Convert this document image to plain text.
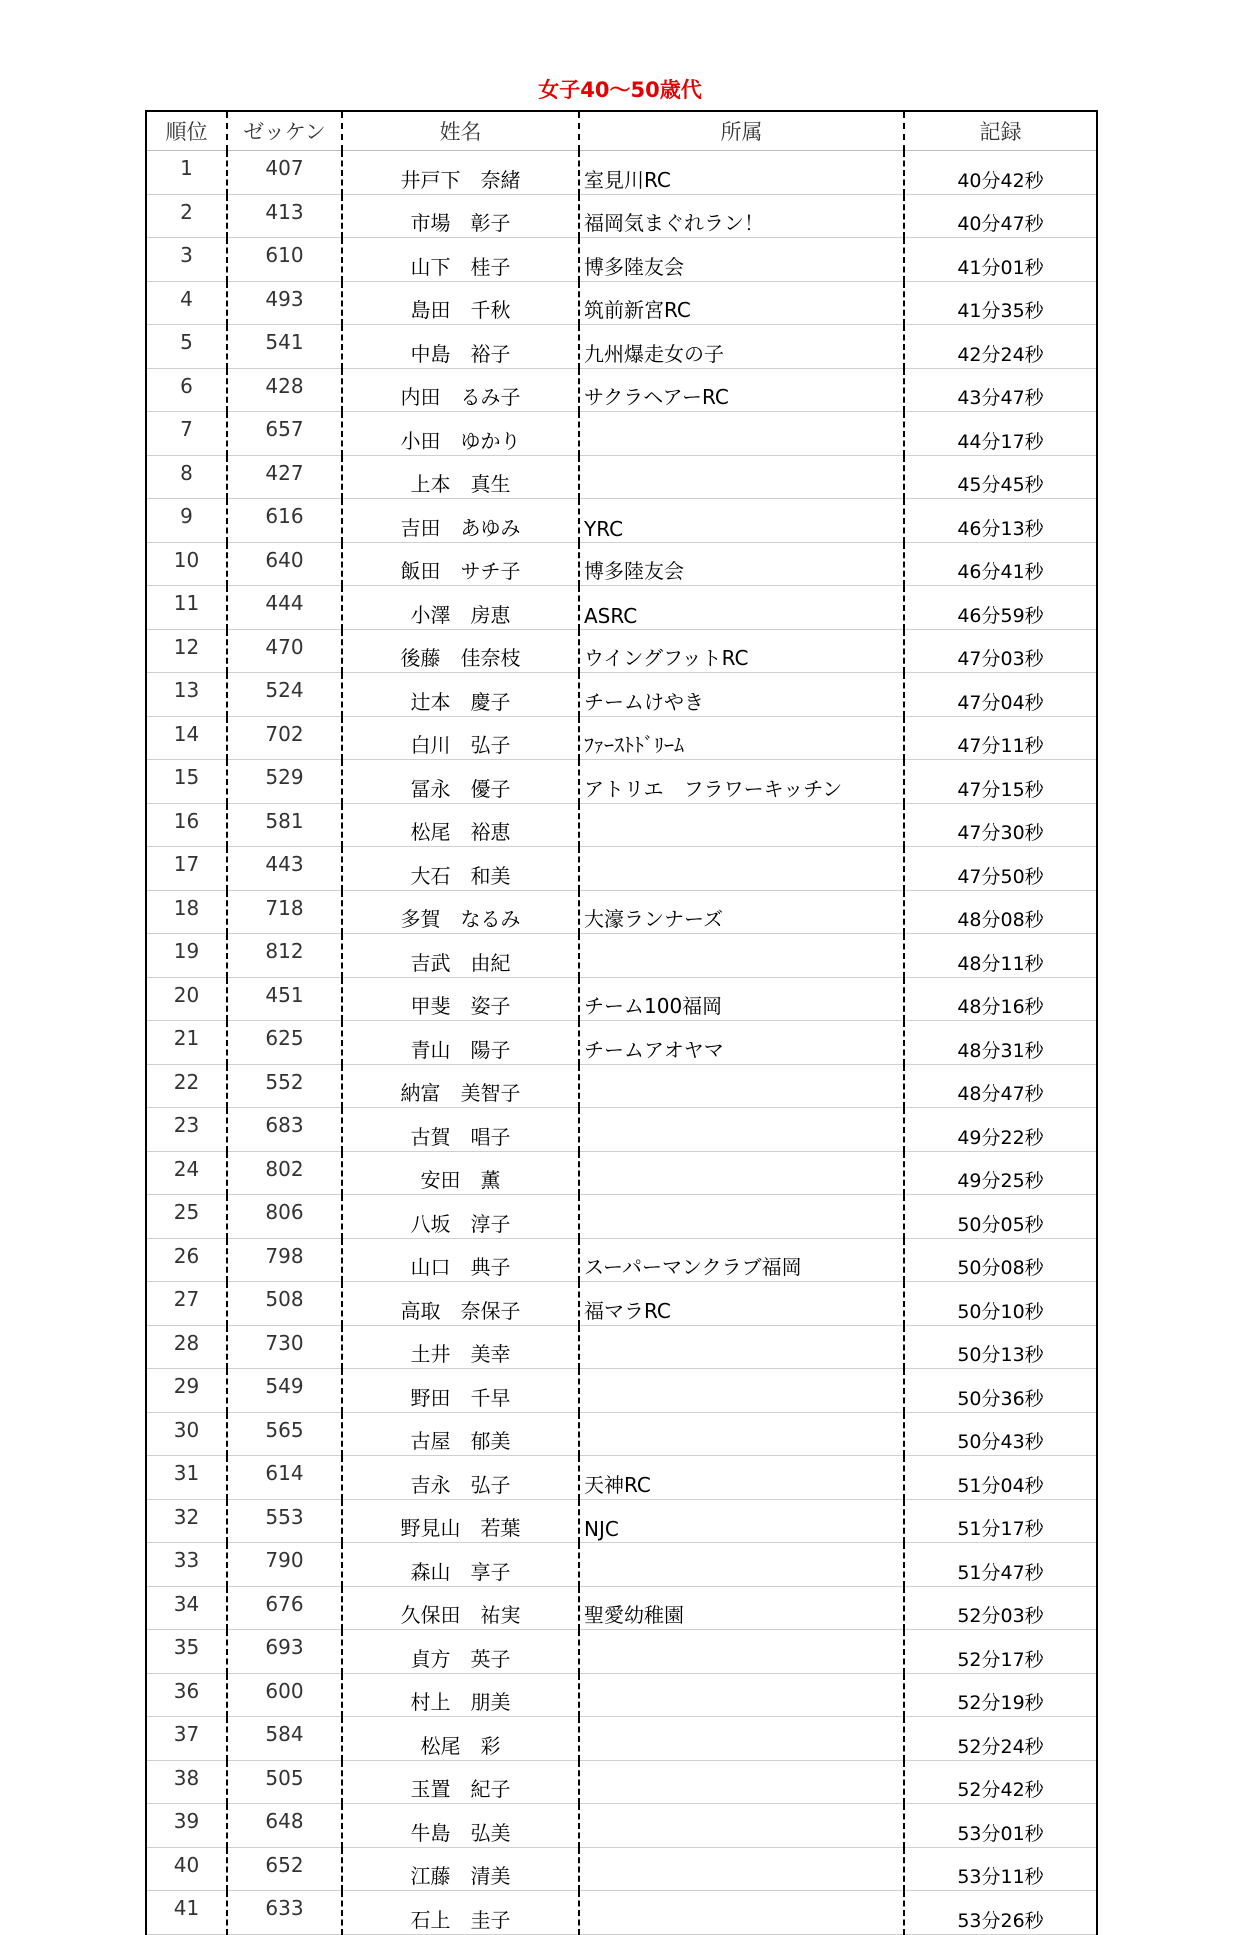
女子40〜50歳代
順位	ゼッケン	姓名	所属	記録
1	407	井戸下　奈緒	室見川RC	40分42秒
2	413	市場　彰子	福岡気まぐれラン！	40分47秒
3	610	山下　桂子	博多陸友会	41分01秒
4	493	島田　千秋	筑前新宮RC	41分35秒
5	541	中島　裕子	九州爆走女の子	42分24秒
6	428	内田　るみ子	サクラヘアーRC	43分47秒
7	657	小田　ゆかり		44分17秒
8	427	上本　真生		45分45秒
9	616	吉田　あゆみ	YRC	46分13秒
10	640	飯田　サチ子	博多陸友会	46分41秒
11	444	小澤　房恵	ASRC	46分59秒
12	470	後藤　佳奈枝	ウイングフットRC	47分03秒
13	524	辻本　慶子	チームけやき	47分04秒
14	702	白川　弘子	ﾌｧｰｽﾄﾄﾞﾘｰﾑ	47分11秒
15	529	冨永　優子	アトリエ　フラワーキッチン	47分15秒
16	581	松尾　裕恵		47分30秒
17	443	大石　和美		47分50秒
18	718	多賀　なるみ	大濠ランナーズ	48分08秒
19	812	吉武　由紀		48分11秒
20	451	甲斐　姿子	チーム100福岡	48分16秒
21	625	青山　陽子	チームアオヤマ	48分31秒
22	552	納富　美智子		48分47秒
23	683	古賀　唱子		49分22秒
24	802	安田　薫		49分25秒
25	806	八坂　淳子		50分05秒
26	798	山口　典子	スーパーマンクラブ福岡	50分08秒
27	508	高取　奈保子	福マラRC	50分10秒
28	730	土井　美幸		50分13秒
29	549	野田　千早		50分36秒
30	565	古屋　郁美		50分43秒
31	614	吉永　弘子	天神RC	51分04秒
32	553	野見山　若葉	NJC	51分17秒
33	790	森山　享子		51分47秒
34	676	久保田　祐実	聖愛幼稚園	52分03秒
35	693	貞方　英子		52分17秒
36	600	村上　朋美		52分19秒
37	584	松尾　彩		52分24秒
38	505	玉置　紀子		52分42秒
39	648	牛島　弘美		53分01秒
40	652	江藤　清美		53分11秒
41	633	石上　圭子		53分26秒
